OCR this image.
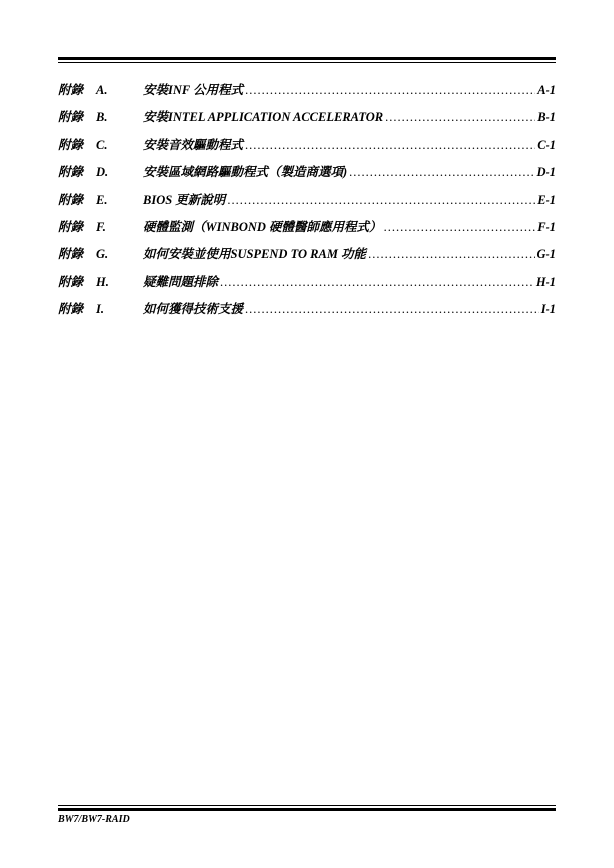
附錄 A.	安裝INF 公用程式 .....	A-1
附錄 B.	安裝INTEL APPLICATION ACCELERATOR .....	B-1
附錄 C.	安裝音效驅動程式 .....	C-1
附錄 D.	安裝區域網路驅動程式（製造商選項) .....	D-1
附錄 E.	BIOS 更新說明 .....	E-1
附錄 F.	硬體監測（WINBOND 硬體醫師應用程式） .....	F-1
附錄 G.	如何安裝並使用SUSPEND TO RAM 功能 .....	G-1
附錄 H.	疑難問題排除 .....	H-1
附錄 I.	如何獲得技術支援 .....	I-1
BW7/BW7-RAID
